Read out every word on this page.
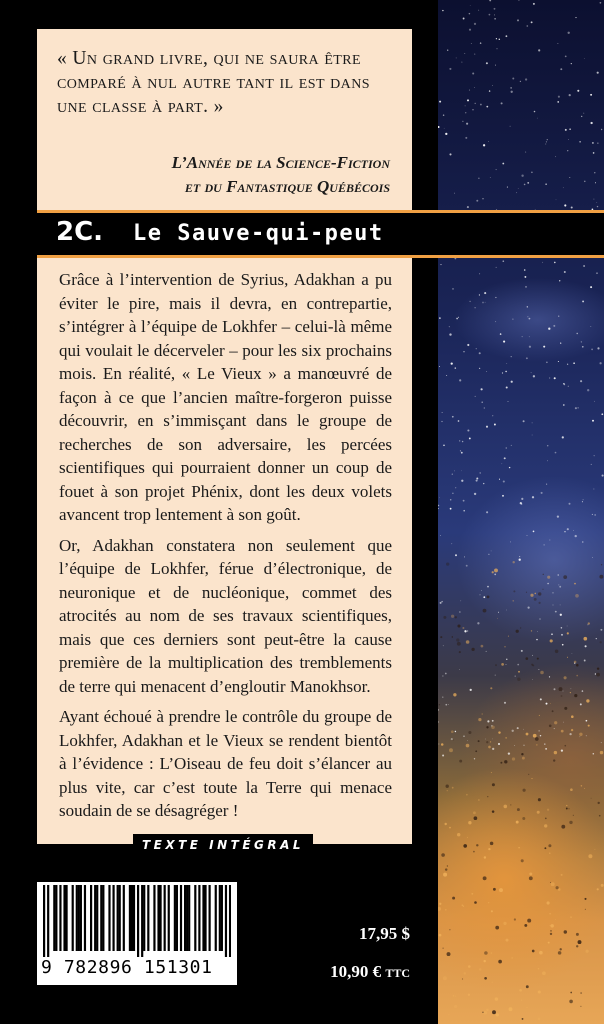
« Un grand livre, qui ne saura être comparé à nul autre tant il est dans une classe à part. »
L’Année de la Science-Fiction
et du Fantastique Québécois
2C. Le Sauve-qui-peut

Grâce à l’intervention de Syrius, Adakhan a pu éviter le pire, mais il devra, en contrepartie, s’intégrer à l’équipe de Lokhfer – celui-là même qui voulait le décerveler – pour les six prochains mois. En réalité, « Le Vieux » a manœuvré de façon à ce que l’ancien maître-forgeron puisse découvrir, en s’immisçant dans le groupe de recherches de son adversaire, les percées scientifiques qui pourraient donner un coup de fouet à son projet Phénix, dont les deux volets avancent trop lentement à son goût.

Or, Adakhan constatera non seulement que l’équipe de Lokhfer, férue d’électronique, de neuronique et de nucléonique, commet des atrocités au nom de ses travaux scientifiques, mais que ces derniers sont peut-être la cause première de la multiplication des tremblements de terre qui menacent d’engloutir Manokhsor.

Ayant échoué à prendre le contrôle du groupe de Lokhfer, Adakhan et le Vieux se rendent bientôt à l’évidence : L’Oiseau de feu doit s’élancer au plus vite, car c’est toute la Terre qui menace soudain de se désagréger !

TEXTE INTÉGRAL
9 782896 151301
17,95 $
10,90 € TTC
